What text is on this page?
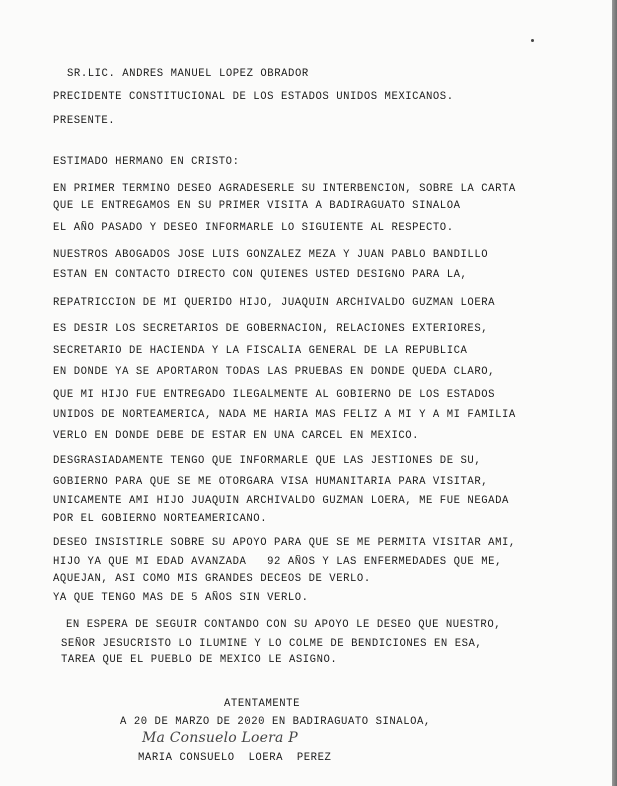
SR.LIC. ANDRES MANUEL LOPEZ OBRADOR
PRECIDENTE CONSTITUCIONAL DE LOS ESTADOS UNIDOS MEXICANOS.
PRESENTE.
ESTIMADO HERMANO EN CRISTO:
EN PRIMER TERMINO DESEO AGRADESERLE SU INTERBENCION, SOBRE LA CARTA
QUE LE ENTREGAMOS EN SU PRIMER VISITA A BADIRAGUATO SINALOA
EL AÑO PASADO Y DESEO INFORMARLE LO SIGUIENTE AL RESPECTO.
NUESTROS ABOGADOS JOSE LUIS GONZALEZ MEZA Y JUAN PABLO BANDILLO
ESTAN EN CONTACTO DIRECTO CON QUIENES USTED DESIGNO PARA LA,
REPATRICCION DE MI QUERIDO HIJO, JUAQUIN ARCHIVALDO GUZMAN LOERA
ES DESIR LOS SECRETARIOS DE GOBERNACION, RELACIONES EXTERIORES,
SECRETARIO DE HACIENDA Y LA FISCALIA GENERAL DE LA REPUBLICA
EN DONDE YA SE APORTARON TODAS LAS PRUEBAS EN DONDE QUEDA CLARO,
QUE MI HIJO FUE ENTREGADO ILEGALMENTE AL GOBIERNO DE LOS ESTADOS
UNIDOS DE NORTEAMERICA, NADA ME HARIA MAS FELIZ A MI Y A MI FAMILIA
VERLO EN DONDE DEBE DE ESTAR EN UNA CARCEL EN MEXICO.
DESGRASIADAMENTE TENGO QUE INFORMARLE QUE LAS JESTIONES DE SU,
GOBIERNO PARA QUE SE ME OTORGARA VISA HUMANITARIA PARA VISITAR,
UNICAMENTE AMI HIJO JUAQUIN ARCHIVALDO GUZMAN LOERA, ME FUE NEGADA
POR EL GOBIERNO NORTEAMERICANO.
DESEO INSISTIRLE SOBRE SU APOYO PARA QUE SE ME PERMITA VISITAR AMI,
HIJO YA QUE MI EDAD AVANZADA   92 AÑOS Y LAS ENFERMEDADES QUE ME,
AQUEJAN, ASI COMO MIS GRANDES DECEOS DE VERLO.
YA QUE TENGO MAS DE 5 AÑOS SIN VERLO.
EN ESPERA DE SEGUIR CONTANDO CON SU APOYO LE DESEO QUE NUESTRO,
SEÑOR JESUCRISTO LO ILUMINE Y LO COLME DE BENDICIONES EN ESA,
TAREA QUE EL PUEBLO DE MEXICO LE ASIGNO.
ATENTAMENTE
A 20 DE MARZO DE 2020 EN BADIRAGUATO SINALOA,
Ma Consuelo Loera P
MARIA CONSUELO  LOERA  PEREZ
